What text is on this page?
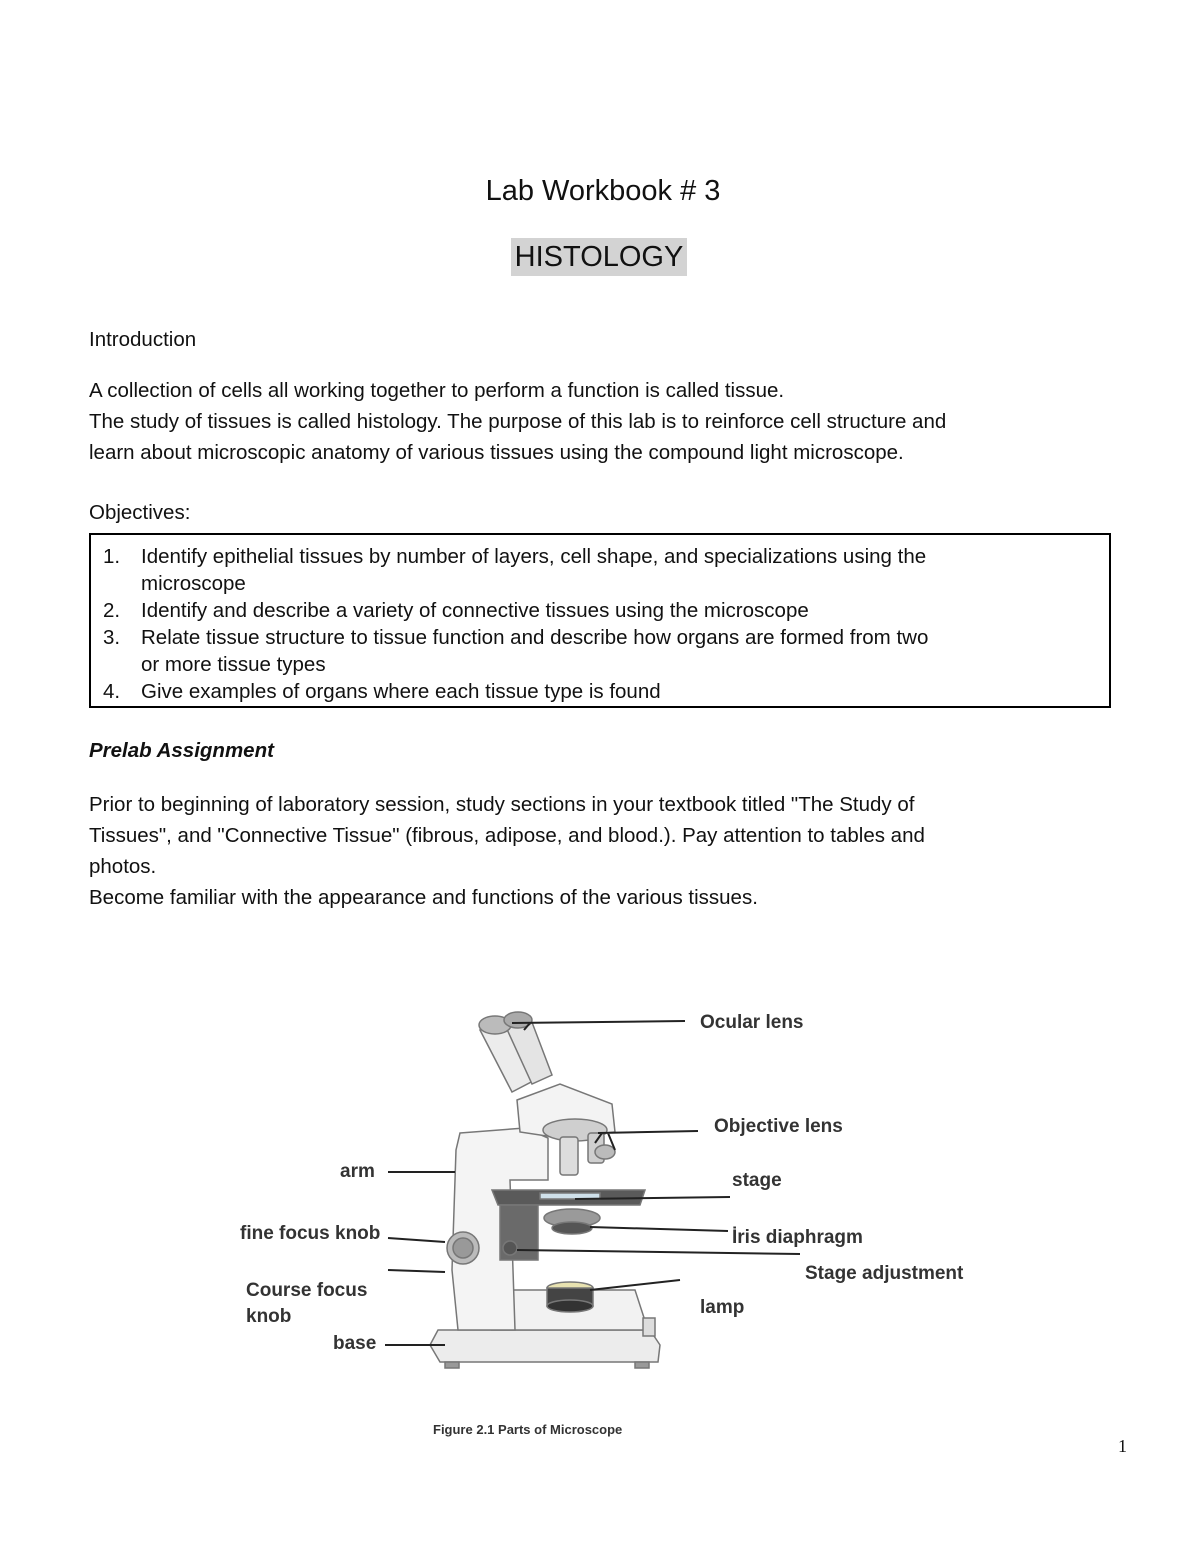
Lab Workbook # 3
HISTOLOGY
Introduction
A collection of cells all working together to perform a function is called tissue.
The study of tissues is called histology. The purpose of this lab is to reinforce cell structure and
learn about microscopic anatomy of various tissues using the compound light microscope.
Objectives:
1. Identify epithelial tissues by number of layers, cell shape, and specializations using the
microscope
2. Identify and describe a variety of connective tissues using the microscope
3. Relate tissue structure to tissue function and describe how organs are formed from two
or more tissue types
4. Give examples of organs where each tissue type is found
Prelab Assignment
Prior to beginning of laboratory session, study sections in your textbook titled "The Study of
Tissues", and "Connective Tissue" (fibrous, adipose, and blood.). Pay attention to tables and
photos.
Become familiar with the appearance and functions of the various tissues.
Ocular lens
Objective lens
arm	stage
fine focus knob	İris diaphragm
Stage adjustment
Course focus
knob	lamp
base
Figure 2.1 Parts of Microscope
1
